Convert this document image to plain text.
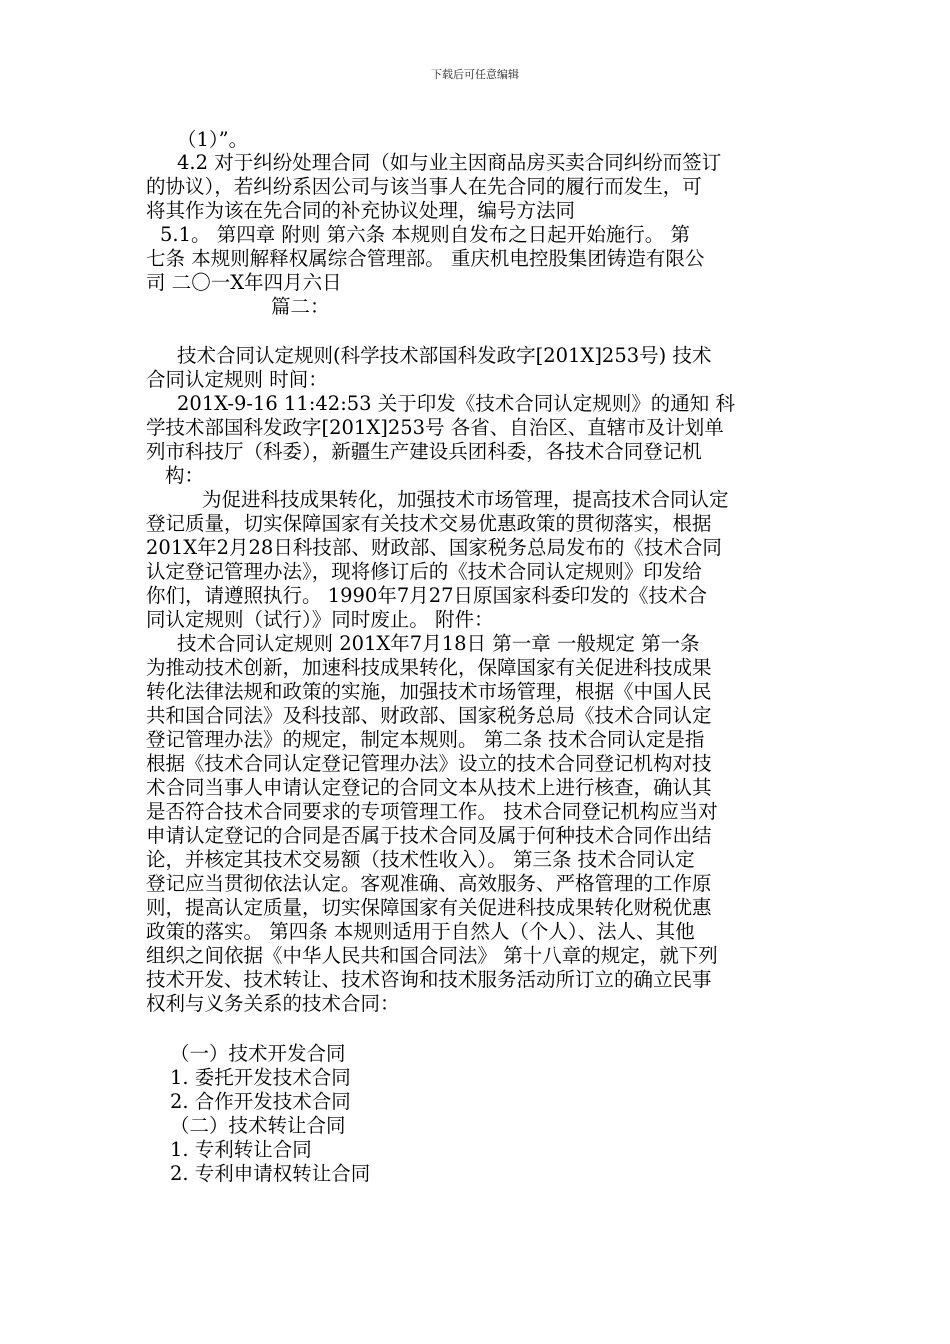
下载后可任意编辑
（1）”。
4.2 对于纠纷处理合同（如与业主因商品房买卖合同纠纷而签订
的协议），若纠纷系因公司与该当事人在先合同的履行而发生，可
将其作为该在先合同的补充协议处理，编号方法同
5.1。 第四章 附则 第六条 本规则自发布之日起开始施行。 第
七条 本规则解释权属综合管理部。 重庆机电控股集团铸造有限公
司 二〇一X年四月六日
篇二：
技术合同认定规则(科学技术部国科发政字[201X]253号) 技术
合同认定规则 时间：
201X-9-16 11:42:53 关于印发《技术合同认定规则》的通知 科
学技术部国科发政字[201X]253号 各省、自治区、直辖市及计划单
列市科技厅（科委），新疆生产建设兵团科委，各技术合同登记机
构：
为促进科技成果转化，加强技术市场管理，提高技术合同认定
登记质量，切实保障国家有关技术交易优惠政策的贯彻落实，根据
201X年2月28日科技部、财政部、国家税务总局发布的《技术合同
认定登记管理办法》，现将修订后的《技术合同认定规则》印发给
你们，请遵照执行。 1990年7月27日原国家科委印发的《技术合
同认定规则（试行）》同时废止。 附件：
技术合同认定规则 201X年7月18日 第一章 一般规定 第一条
为推动技术创新，加速科技成果转化，保障国家有关促进科技成果
转化法律法规和政策的实施，加强技术市场管理，根据《中国人民
共和国合同法》及科技部、财政部、国家税务总局《技术合同认定
登记管理办法》的规定，制定本规则。 第二条 技术合同认定是指
根据《技术合同认定登记管理办法》设立的技术合同登记机构对技
术合同当事人申请认定登记的合同文本从技术上进行核查，确认其
是否符合技术合同要求的专项管理工作。 技术合同登记机构应当对
申请认定登记的合同是否属于技术合同及属于何种技术合同作出结
论，并核定其技术交易额（技术性收入）。 第三条 技术合同认定
登记应当贯彻依法认定。客观准确、高效服务、严格管理的工作原
则，提高认定质量，切实保障国家有关促进科技成果转化财税优惠
政策的落实。 第四条 本规则适用于自然人（个人）、法人、其他
组织之间依据《中华人民共和国合同法》 第十八章的规定，就下列
技术开发、技术转让、技术咨询和技术服务活动所订立的确立民事
权利与义务关系的技术合同：
（一）技术开发合同
1. 委托开发技术合同
2. 合作开发技术合同
（二）技术转让合同
1. 专利转让合同
2. 专利申请权转让合同
